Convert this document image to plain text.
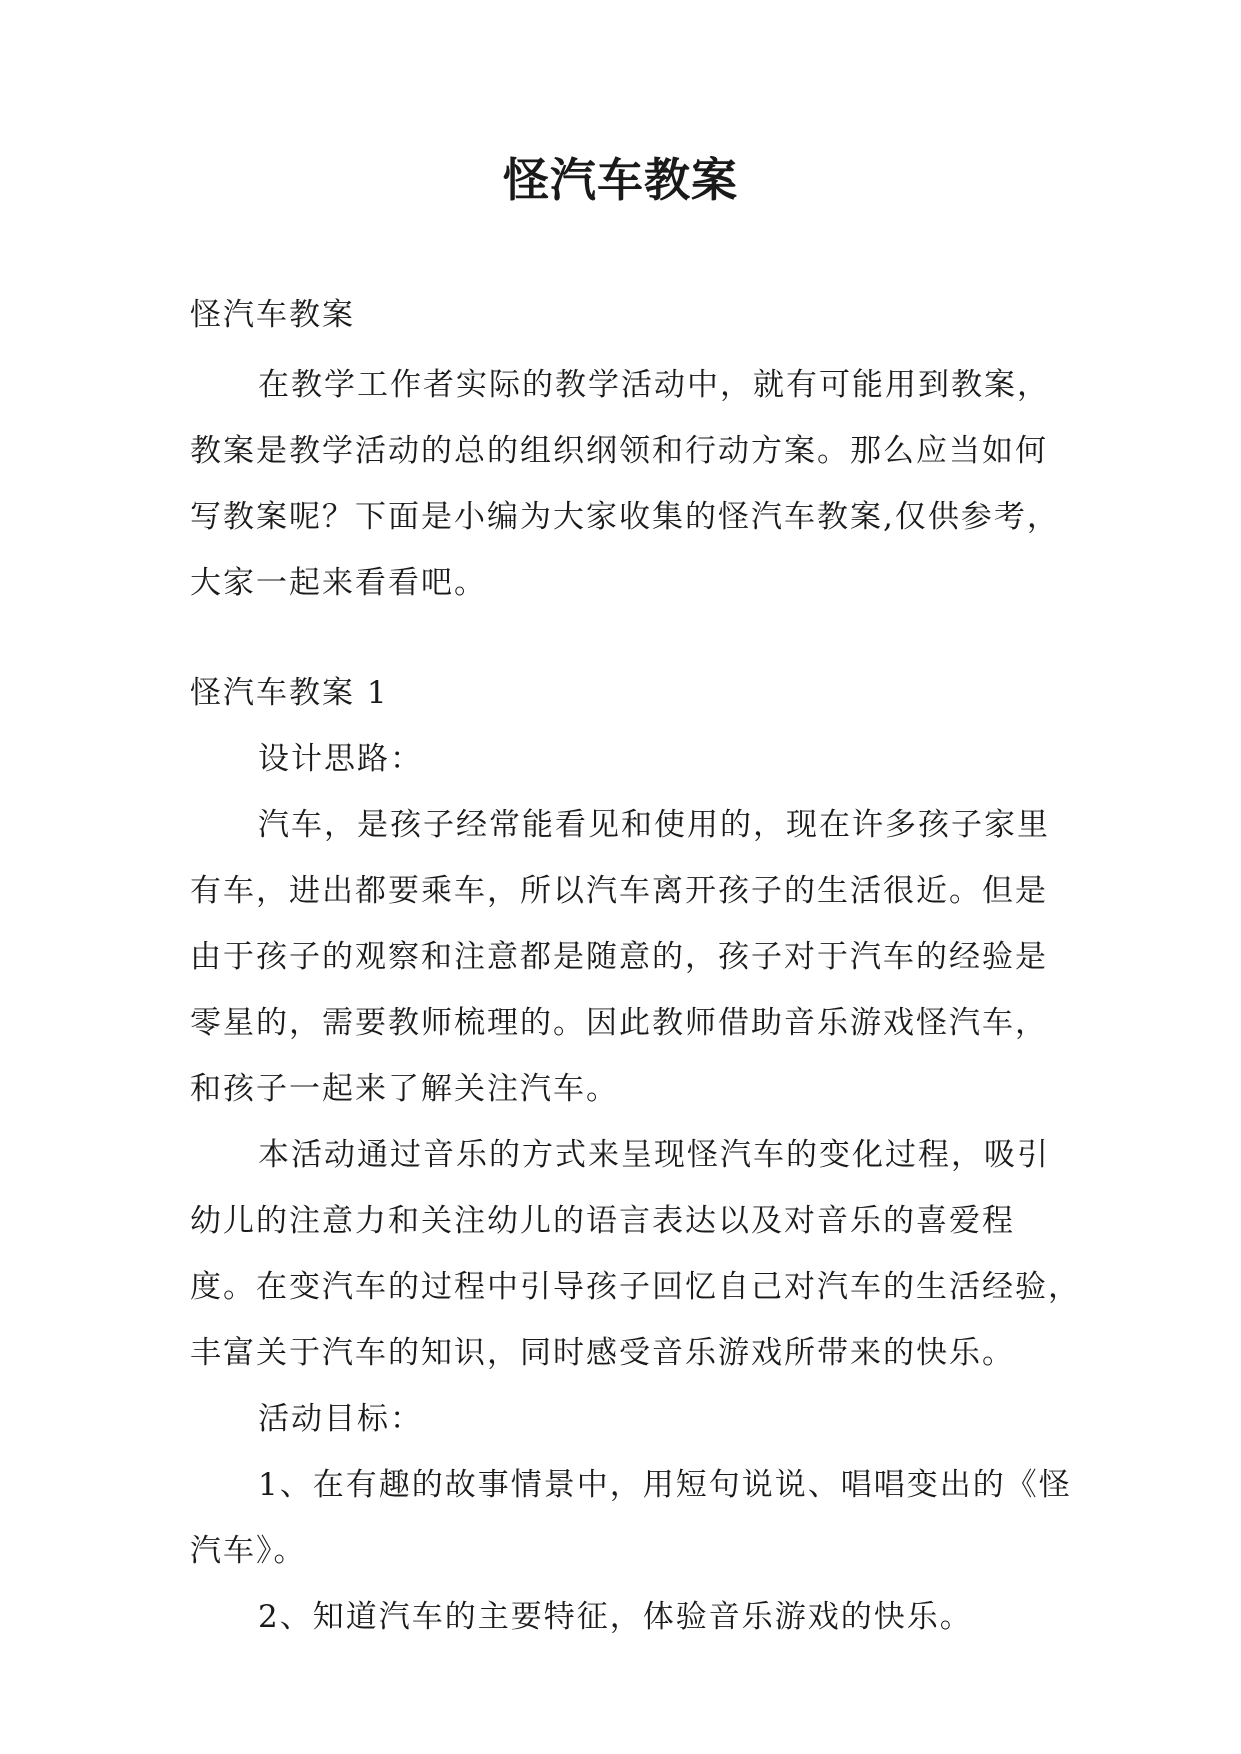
怪汽车教案

怪汽车教案

在教学工作者实际的教学活动中，就有可能用到教案，

教案是教学活动的总的组织纲领和行动方案。那么应当如何

写教案呢？下面是小编为大家收集的怪汽车教案,仅供参考，

大家一起来看看吧。

怪汽车教案 1

设计思路：

汽车，是孩子经常能看见和使用的，现在许多孩子家里

有车，进出都要乘车，所以汽车离开孩子的生活很近。但是

由于孩子的观察和注意都是随意的，孩子对于汽车的经验是

零星的，需要教师梳理的。因此教师借助音乐游戏怪汽车，

和孩子一起来了解关注汽车。

本活动通过音乐的方式来呈现怪汽车的变化过程，吸引

幼儿的注意力和关注幼儿的语言表达以及对音乐的喜爱程

度。在变汽车的过程中引导孩子回忆自己对汽车的生活经验，

丰富关于汽车的知识，同时感受音乐游戏所带来的快乐。

活动目标：

1、在有趣的故事情景中，用短句说说、唱唱变出的《怪

汽车》。

2、知道汽车的主要特征，体验音乐游戏的快乐。
